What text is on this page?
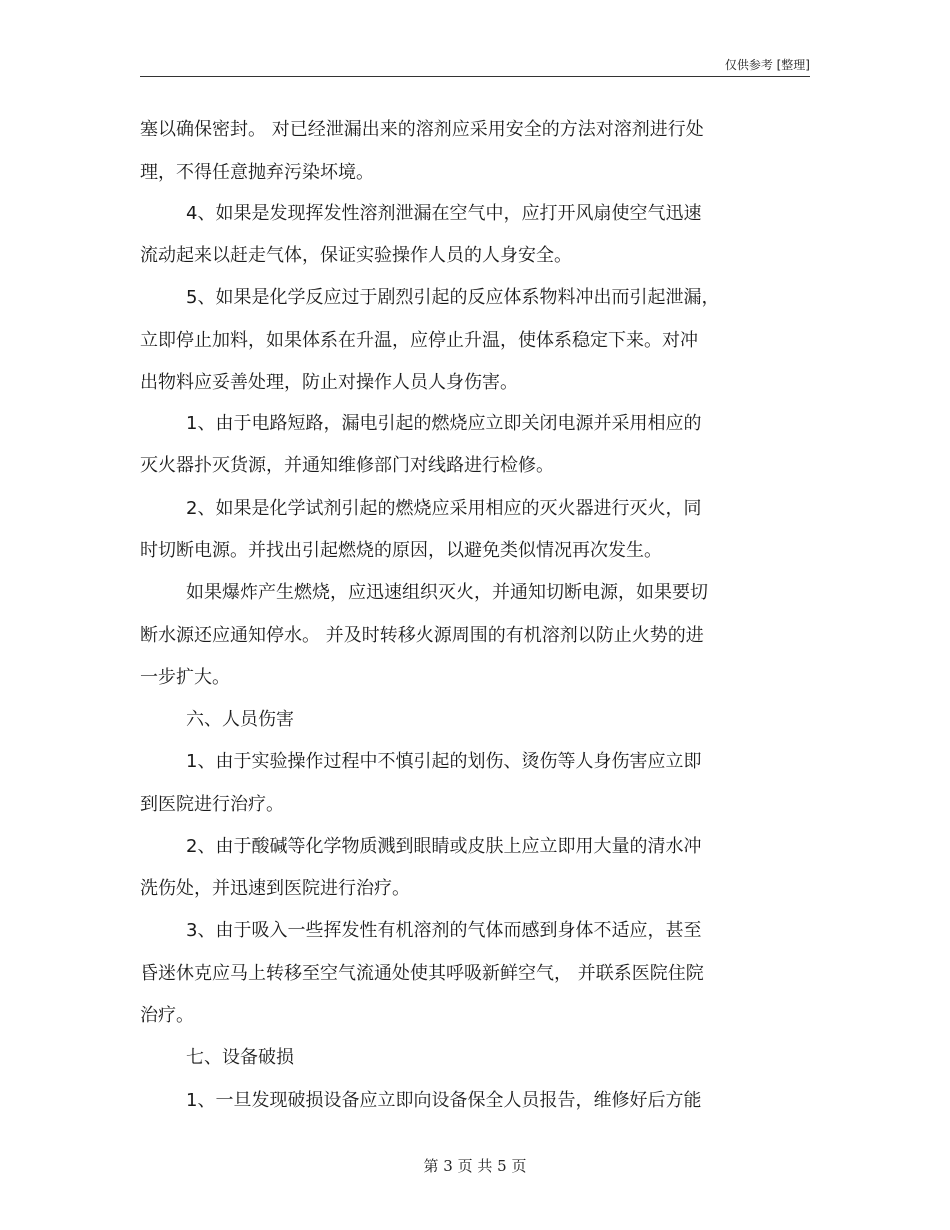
仅供参考 [整理]
塞以确保密封。 对已经泄漏出来的溶剂应采用安全的方法对溶剂进行处
理，不得任意抛弃污染坏境。
4、如果是发现挥发性溶剂泄漏在空气中，应打开风扇使空气迅速
流动起来以赶走气体，保证实验操作人员的人身安全。
5、如果是化学反应过于剧烈引起的反应体系物料冲出而引起泄漏，
立即停止加料，如果体系在升温，应停止升温，使体系稳定下来。对冲
出物料应妥善处理，防止对操作人员人身伤害。
1、由于电路短路，漏电引起的燃烧应立即关闭电源并采用相应的
灭火器扑灭货源，并通知维修部门对线路进行检修。
2、如果是化学试剂引起的燃烧应采用相应的灭火器进行灭火，同
时切断电源。并找出引起燃烧的原因，以避免类似情况再次发生。
如果爆炸产生燃烧，应迅速组织灭火，并通知切断电源，如果要切
断水源还应通知停水。 并及时转移火源周围的有机溶剂以防止火势的进
一步扩大。
六、人员伤害
1、由于实验操作过程中不慎引起的划伤、烫伤等人身伤害应立即
到医院进行治疗。
2、由于酸碱等化学物质溅到眼睛或皮肤上应立即用大量的清水冲
洗伤处，并迅速到医院进行治疗。
3、由于吸入一些挥发性有机溶剂的气体而感到身体不适应，甚至
昏迷休克应马上转移至空气流通处使其呼吸新鲜空气， 并联系医院住院
治疗。
七、设备破损
1、一旦发现破损设备应立即向设备保全人员报告，维修好后方能
第 3 页 共 5 页
